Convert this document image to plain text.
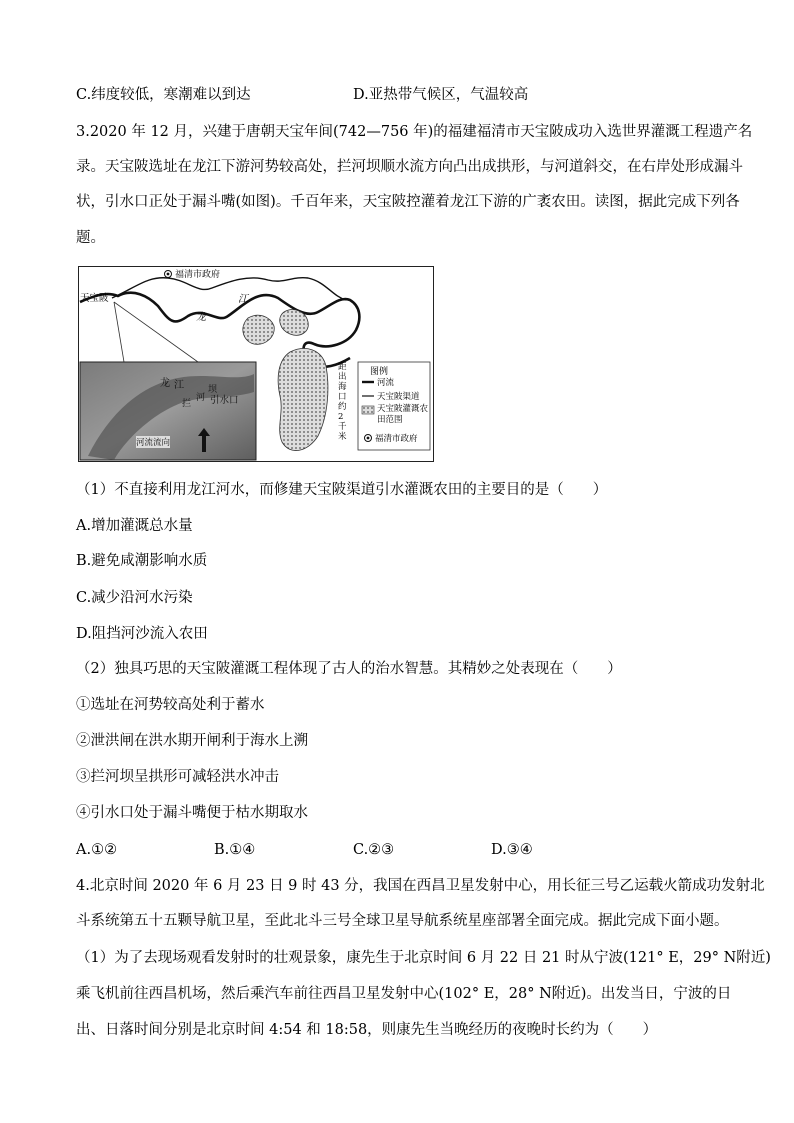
C.纬度较低，寒潮难以到达	D.亚热带气候区，气温较高
3.2020 年 12 月，兴建于唐朝天宝年间(742—756 年)的福建福清市天宝陂成功入选世界灌溉工程遗产名
录。天宝陂选址在龙江下游河势较高处，拦河坝顺水流方向凸出成拱形，与河道斜交，在右岸处形成漏斗
状，引水口正处于漏斗嘴(如图)。千百年来，天宝陂控灌着龙江下游的广袤农田。读图，据此完成下列各
题。
福清市政府
天宝陂	江
龙
龙 江
拦
河
坝
引水口
河流流向
距出海口约2千米
图例
河流
天宝陂渠道
天宝陂灌溉农田范围
福清市政府
（1）不直接利用龙江河水，而修建天宝陂渠道引水灌溉农田的主要目的是（　　）
A.增加灌溉总水量
B.避免咸潮影响水质
C.减少沿河水污染
D.阻挡河沙流入农田
（2）独具巧思的天宝陂灌溉工程体现了古人的治水智慧。其精妙之处表现在（　　）
①选址在河势较高处利于蓄水
②泄洪闸在洪水期开闸利于海水上溯
③拦河坝呈拱形可减轻洪水冲击
④引水口处于漏斗嘴便于枯水期取水
A.①②	B.①④	C.②③	D.③④
4.北京时间 2020 年 6 月 23 日 9 时 43 分，我国在西昌卫星发射中心，用长征三号乙运载火箭成功发射北
斗系统第五十五颗导航卫星，至此北斗三号全球卫星导航系统星座部署全面完成。据此完成下面小题。
（1）为了去现场观看发射时的壮观景象，康先生于北京时间 6 月 22 日 21 时从宁波(121° E，29° N附近)
乘飞机前往西昌机场，然后乘汽车前往西昌卫星发射中心(102° E，28° N附近)。出发当日，宁波的日
出、日落时间分别是北京时间 4:54 和 18:58，则康先生当晚经历的夜晚时长约为（　　）
